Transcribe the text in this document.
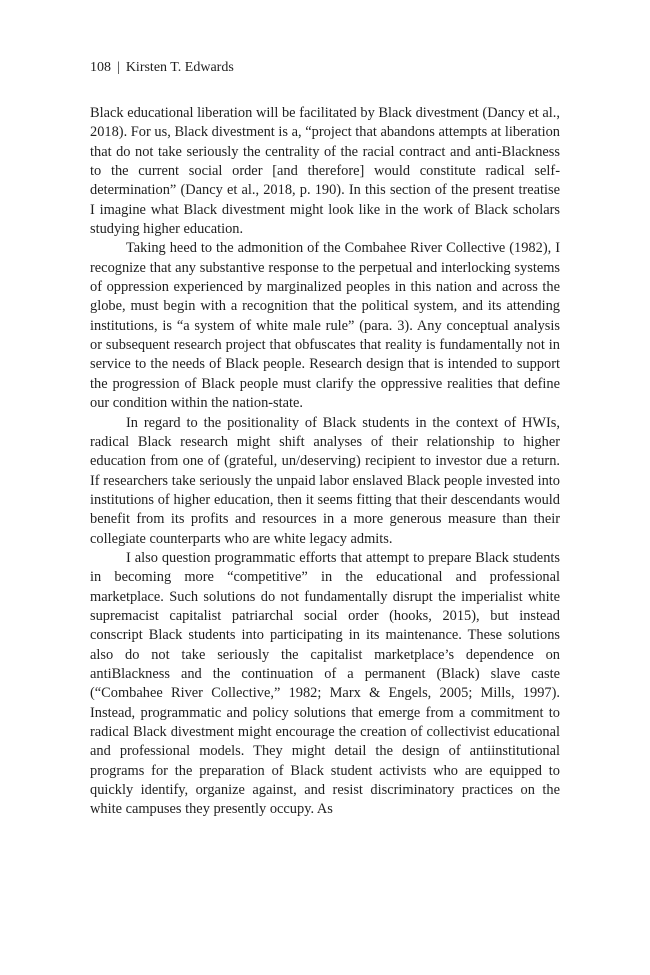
108 | Kirsten T. Edwards

Black educational liberation will be facilitated by Black divestment (Dancy et al., 2018). For us, Black divestment is a, “project that abandons attempts at liberation that do not take seriously the centrality of the racial contract and anti-Blackness to the current social order [and therefore] would constitute radical self-determination” (Dancy et al., 2018, p. 190). In this section of the present treatise I imagine what Black divestment might look like in the work of Black scholars studying higher education.

Taking heed to the admonition of the Combahee River Collective (1982), I recognize that any substantive response to the perpetual and interlocking systems of oppression experienced by marginalized peoples in this nation and across the globe, must begin with a recognition that the political system, and its attending institutions, is “a system of white male rule” (para. 3). Any conceptual analysis or subsequent research project that obfuscates that reality is fundamentally not in service to the needs of Black people. Research design that is intended to support the progression of Black people must clarify the oppressive realities that define our condition within the nation-state.

In regard to the positionality of Black students in the context of HWIs, radical Black research might shift analyses of their relationship to higher education from one of (grateful, un/deserving) recipient to investor due a return. If researchers take seriously the unpaid labor enslaved Black people invested into institutions of higher education, then it seems fitting that their descendants would benefit from its profits and resources in a more generous measure than their collegiate counterparts who are white legacy admits.

I also question programmatic efforts that attempt to prepare Black students in becoming more “competitive” in the educational and professional marketplace. Such solutions do not fundamentally disrupt the imperialist white supremacist capitalist patriarchal social order (hooks, 2015), but instead conscript Black students into participating in its maintenance. These solutions also do not take seriously the capitalist marketplace’s dependence on antiBlackness and the continuation of a permanent (Black) slave caste (“Combahee River Collective,” 1982; Marx & Engels, 2005; Mills, 1997). Instead, programmatic and policy solutions that emerge from a commitment to radical Black divestment might encourage the creation of collectivist educational and professional models. They might detail the design of antiinstitutional programs for the preparation of Black student activists who are equipped to quickly identify, organize against, and resist discriminatory practices on the white campuses they presently occupy. As
